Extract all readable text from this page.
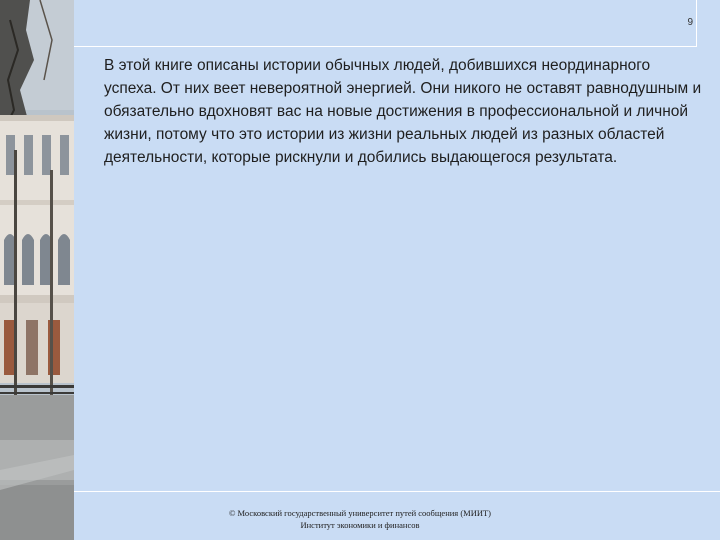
9

В этой книге описаны истории обычных людей, добившихся неординарного успеха. От них веет невероятной энергией. Они никого не оставят равнодушным и обязательно вдохновят вас на новые достижения в профессиональной и личной жизни, потому что это истории из жизни реальных людей из разных областей деятельности, которые рискнули и добились выдающегося результата.

© Московский государственный университет путей сообщения (МИИТ)
Институт экономики и финансов
